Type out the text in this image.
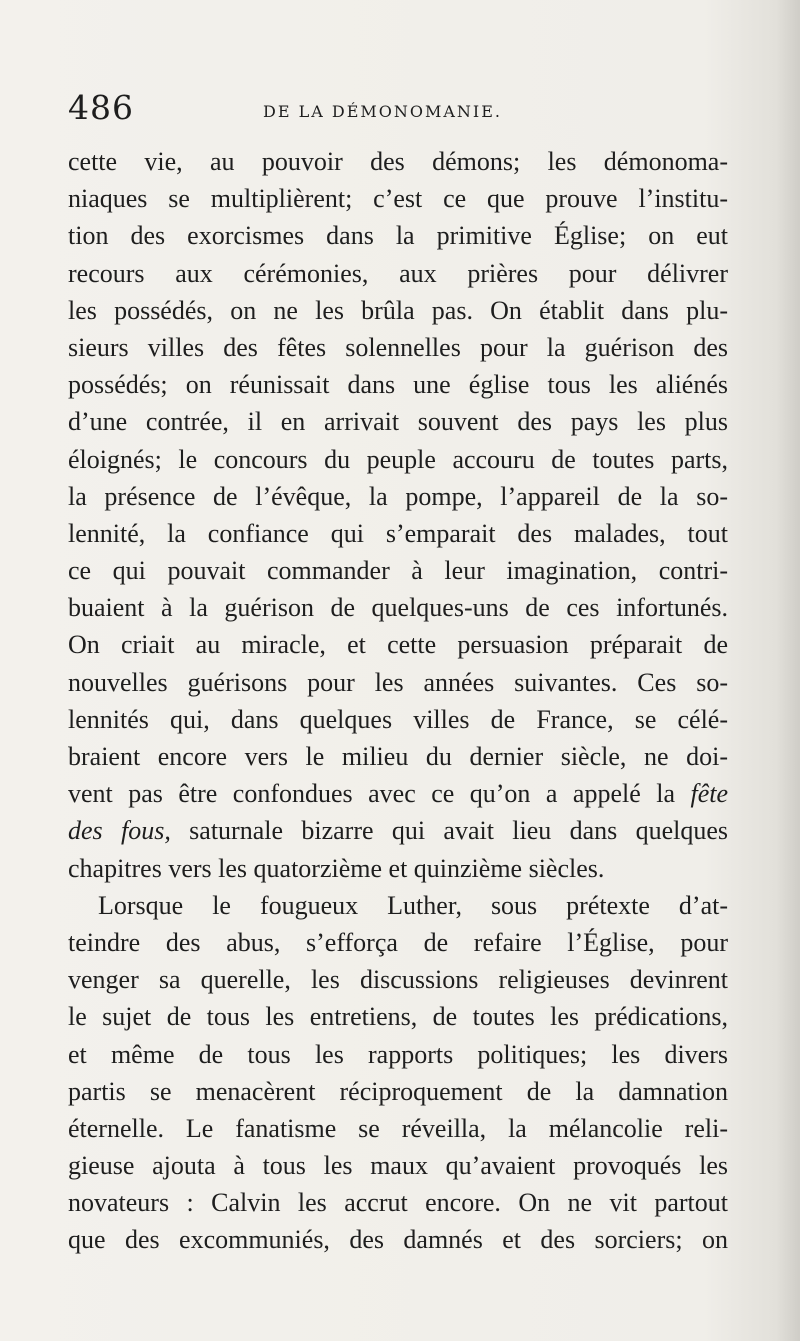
486	DE LA DÉMONOMANIE.
cette vie, au pouvoir des démons; les démonoma-
niaques se multiplièrent; c’est ce que prouve l’institu-
tion des exorcismes dans la primitive Église; on eut
recours aux cérémonies, aux prières pour délivrer
les possédés, on ne les brûla pas. On établit dans plu-
sieurs villes des fêtes solennelles pour la guérison des
possédés; on réunissait dans une église tous les aliénés
d’une contrée, il en arrivait souvent des pays les plus
éloignés; le concours du peuple accouru de toutes parts,
la présence de l’évêque, la pompe, l’appareil de la so-
lennité, la confiance qui s’emparait des malades, tout
ce qui pouvait commander à leur imagination, contri-
buaient à la guérison de quelques-uns de ces infortunés.
On criait au miracle, et cette persuasion préparait de
nouvelles guérisons pour les années suivantes. Ces so-
lennités qui, dans quelques villes de France, se célé-
braient encore vers le milieu du dernier siècle, ne doi-
vent pas être confondues avec ce qu’on a appelé la fête
des fous, saturnale bizarre qui avait lieu dans quelques
chapitres vers les quatorzième et quinzième siècles.
Lorsque le fougueux Luther, sous prétexte d’at-
teindre des abus, s’efforça de refaire l’Église, pour
venger sa querelle, les discussions religieuses devinrent
le sujet de tous les entretiens, de toutes les prédications,
et même de tous les rapports politiques; les divers
partis se menacèrent réciproquement de la damnation
éternelle. Le fanatisme se réveilla, la mélancolie reli-
gieuse ajouta à tous les maux qu’avaient provoqués les
novateurs : Calvin les accrut encore. On ne vit partout
que des excommuniés, des damnés et des sorciers; on
